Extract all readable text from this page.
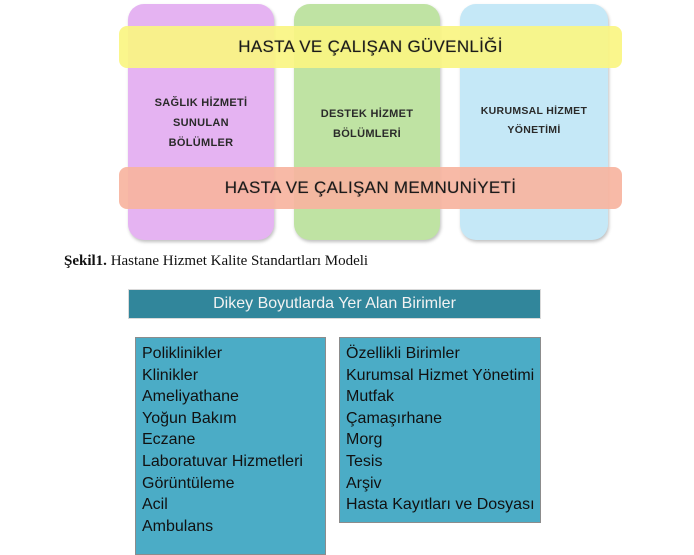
HASTA VE ÇALIŞAN GÜVENLİĞİ
HASTA VE ÇALIŞAN MEMNUNİYETİ
SAĞLIK HİZMETİ
SUNULAN
BÖLÜMLER
DESTEK HİZMET
BÖLÜMLERİ
KURUMSAL HİZMET
YÖNETİMİ
Şekil1. Hastane Hizmet Kalite Standartları Modeli
Dikey Boyutlarda Yer Alan Birimler
Poliklinikler
Klinikler
Ameliyathane
Yoğun Bakım
Eczane
Laboratuvar Hizmetleri
Görüntüleme
Acil
Ambulans
Özellikli Birimler
Kurumsal Hizmet Yönetimi
Mutfak
Çamaşırhane
Morg
Tesis
Arşiv
Hasta Kayıtları ve Dosyası
